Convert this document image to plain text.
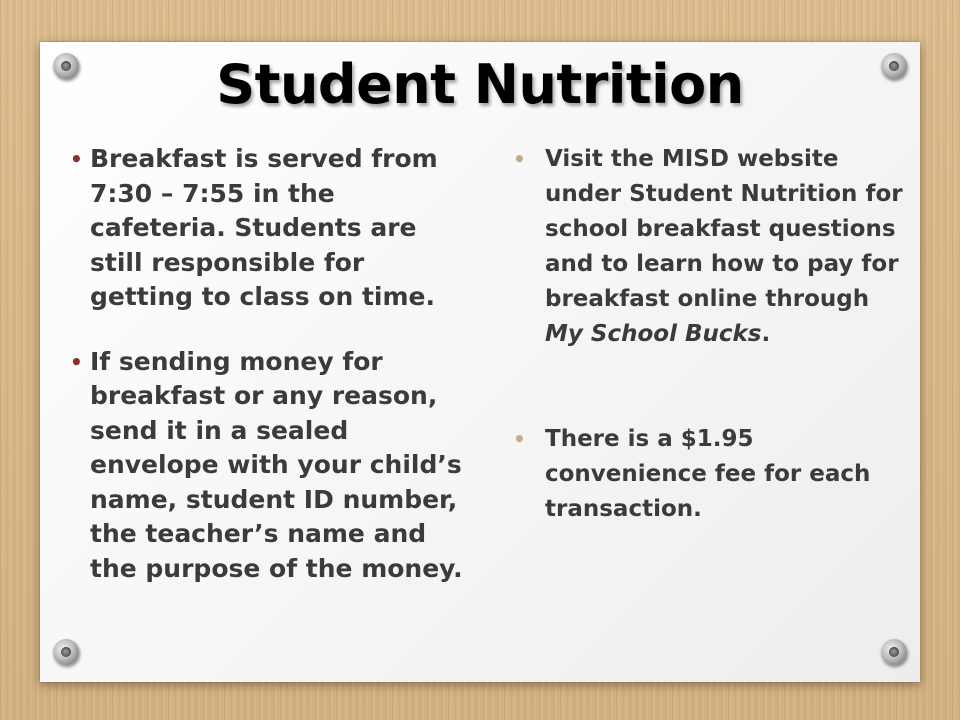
Student Nutrition
• Breakfast is served from 7:30 – 7:55 in the cafeteria. Students are still responsible for getting to class on time.
• If sending money for breakfast or any reason, send it in a sealed envelope with your child’s name, student ID number, the teacher’s name and the purpose of the money.
• Visit the MISD website under Student Nutrition for school breakfast questions and to learn how to pay for breakfast online through My School Bucks.
• There is a $1.95 convenience fee for each transaction.
